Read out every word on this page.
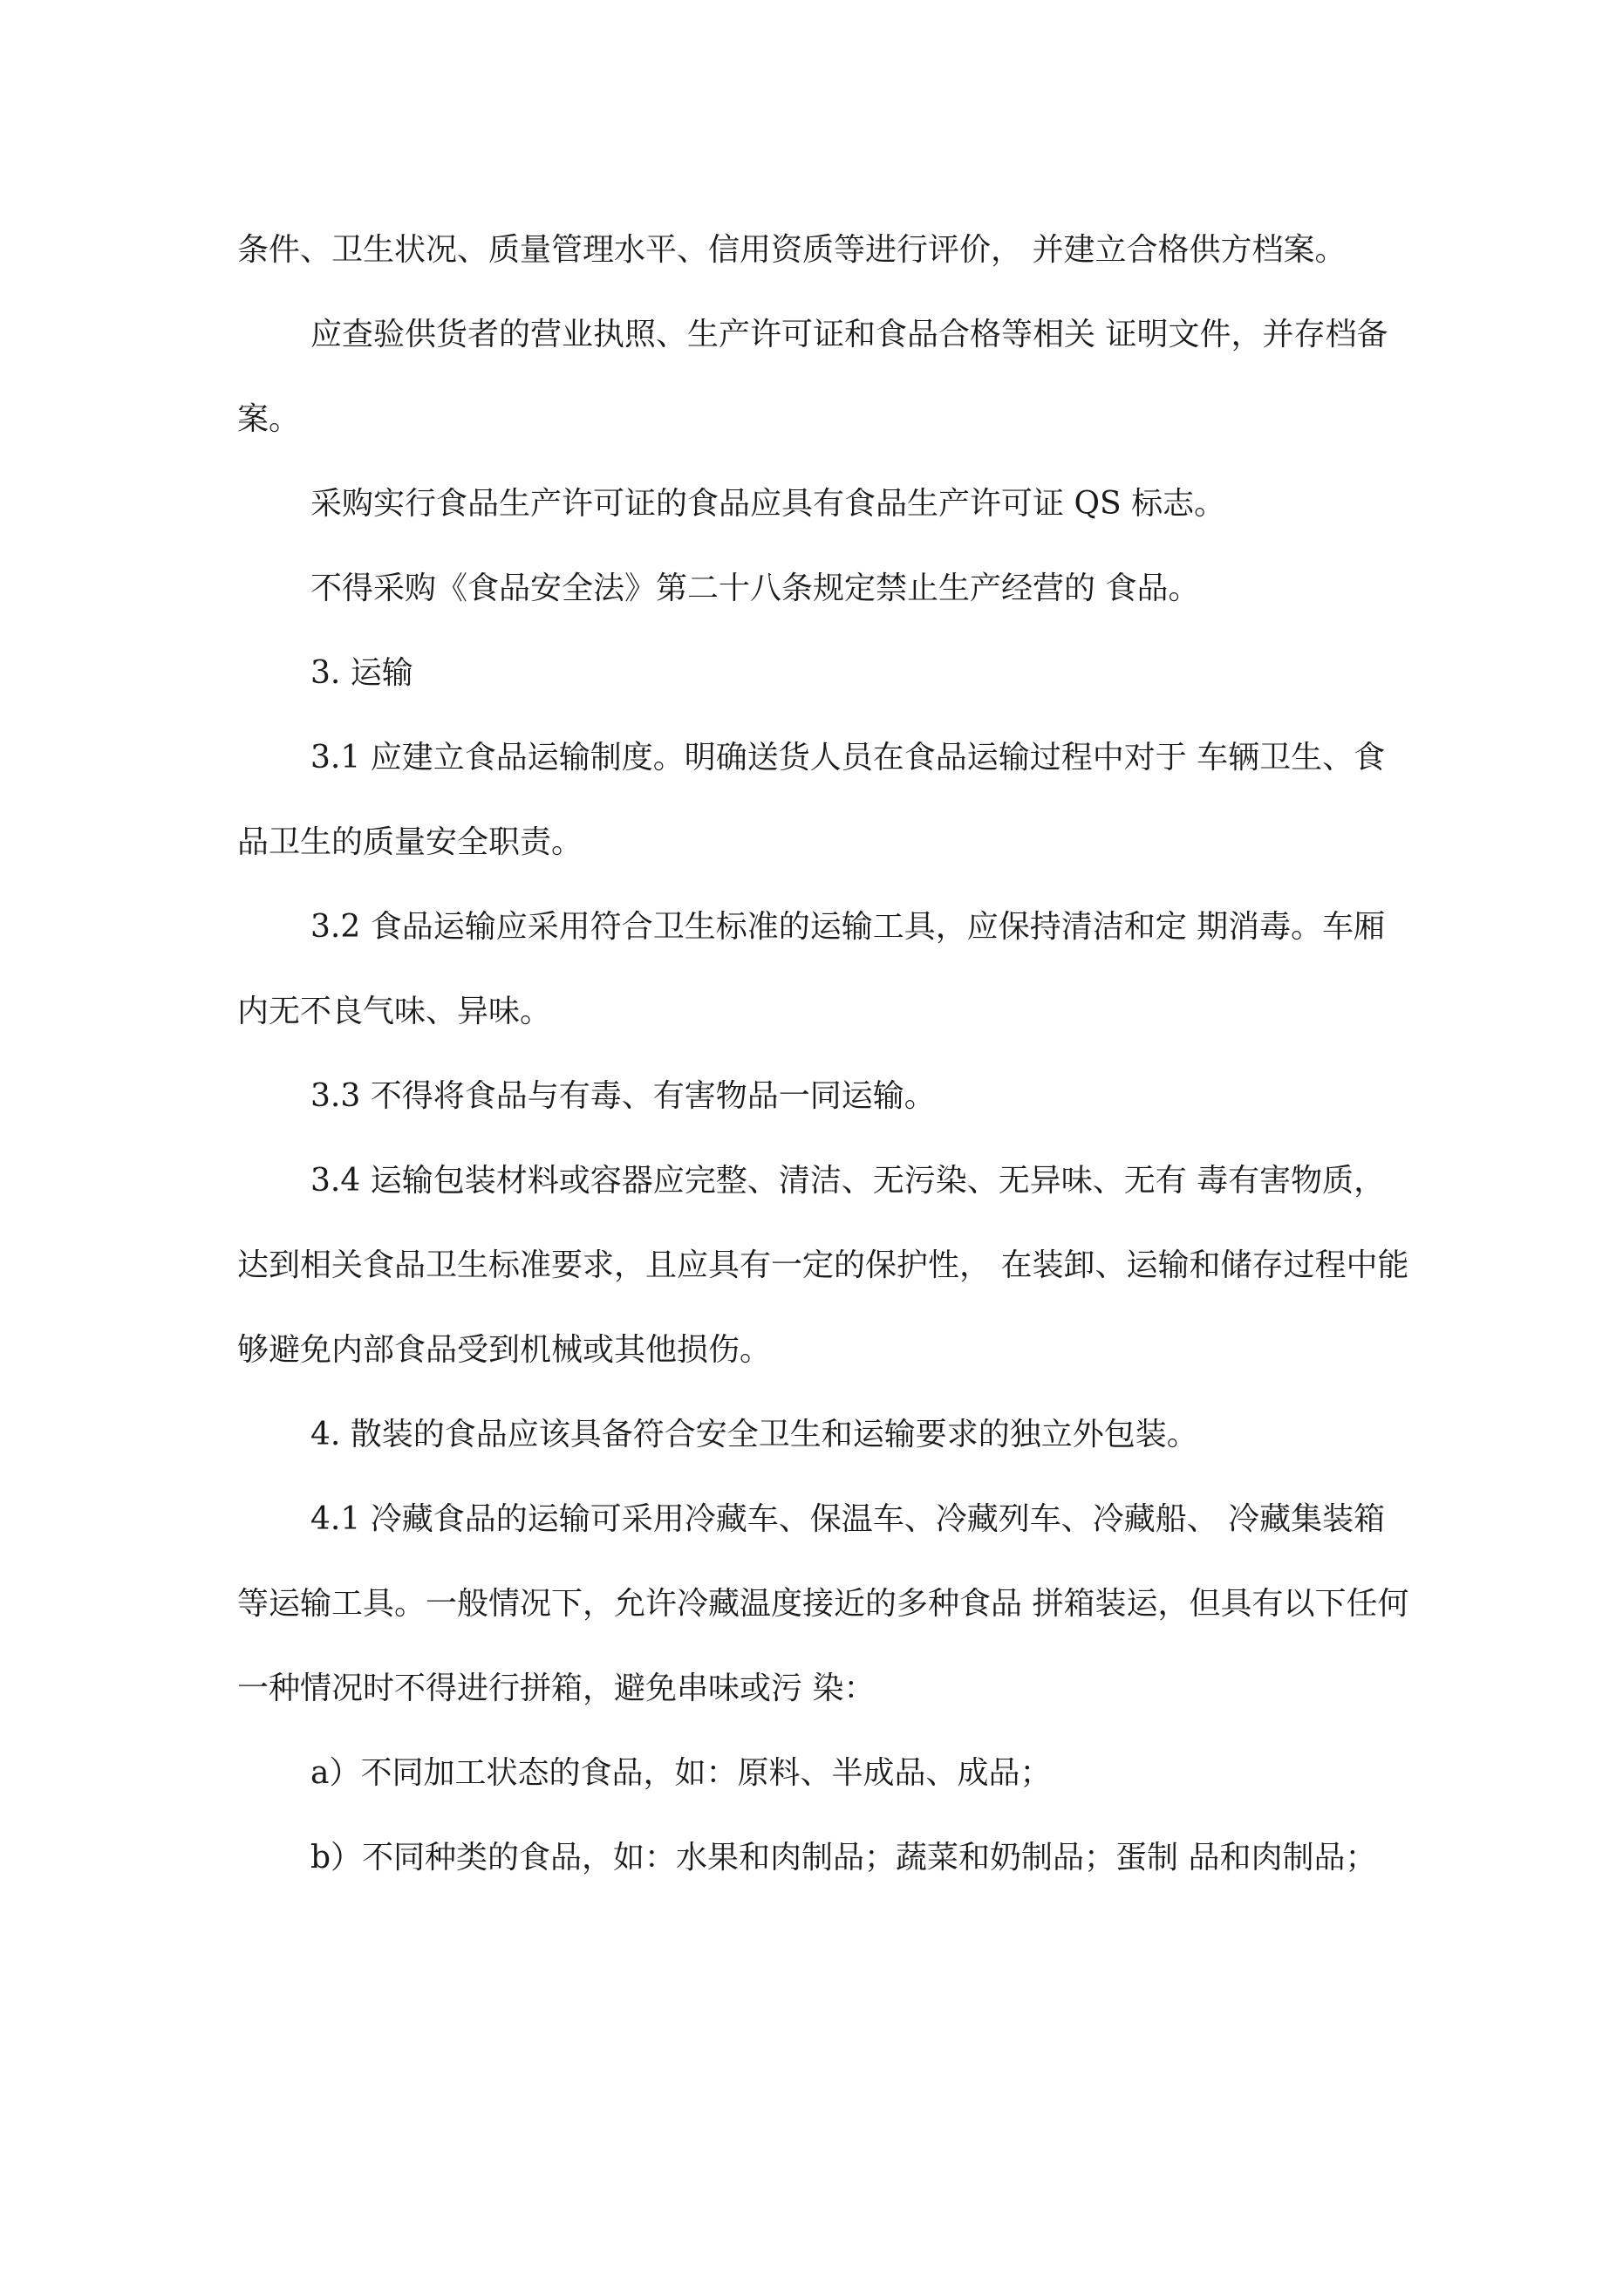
条件、卫生状况、质量管理水平、信用资质等进行评价， 并建立合格供方档案。

应查验供货者的营业执照、生产许可证和食品合格等相关 证明文件，并存档备案。

采购实行食品生产许可证的食品应具有食品生产许可证 QS 标志。

不得采购《食品安全法》第二十八条规定禁止生产经营的 食品。

3. 运输

3.1 应建立食品运输制度。明确送货人员在食品运输过程中对于 车辆卫生、食品卫生的质量安全职责。

3.2 食品运输应采用符合卫生标准的运输工具，应保持清洁和定 期消毒。车厢内无不良气味、异味。

3.3 不得将食品与有毒、有害物品一同运输。

3.4 运输包装材料或容器应完整、清洁、无污染、无异味、无有 毒有害物质，达到相关食品卫生标准要求，且应具有一定的保护性， 在装卸、运输和储存过程中能够避免内部食品受到机械或其他损伤。

4. 散装的食品应该具备符合安全卫生和运输要求的独立外包装。

4.1 冷藏食品的运输可采用冷藏车、保温车、冷藏列车、冷藏船、 冷藏集装箱等运输工具。一般情况下，允许冷藏温度接近的多种食品 拼箱装运，但具有以下任何一种情况时不得进行拼箱，避免串味或污 染：

a）不同加工状态的食品，如：原料、半成品、成品；

b）不同种类的食品，如：水果和肉制品；蔬菜和奶制品；蛋制 品和肉制品；
